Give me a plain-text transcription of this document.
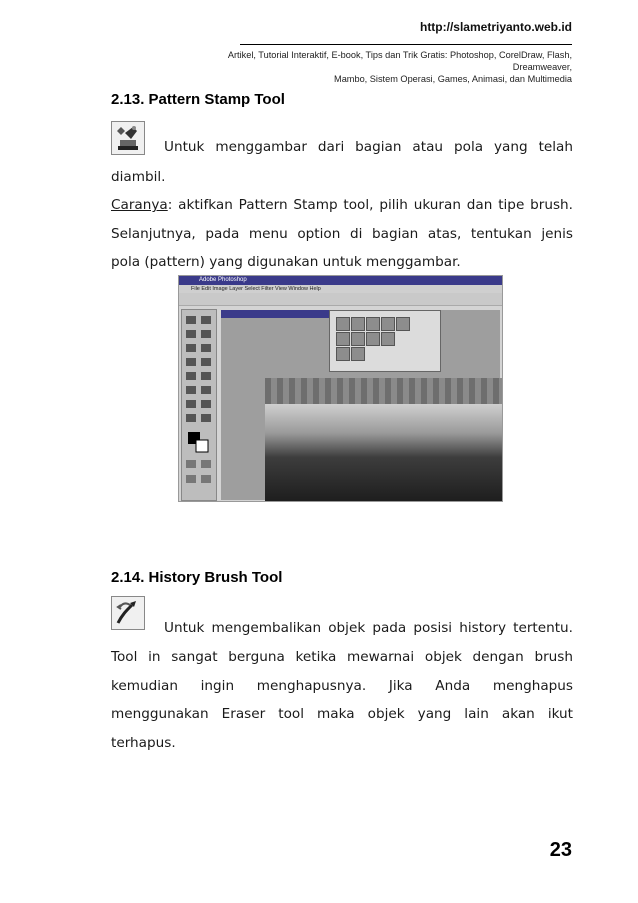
http://slametriyanto.web.id
Artikel, Tutorial Interaktif, E-book, Tips dan Trik Gratis: Photoshop, CorelDraw, Flash, Dreamweaver,
Mambo, Sistem Operasi, Games, Animasi, dan Multimedia
2.13. Pattern Stamp Tool
Untuk menggambar dari bagian atau pola yang telah
diambil.
Caranya: aktifkan Pattern Stamp tool, pilih ukuran dan tipe brush.
Selanjutnya, pada menu option di bagian atas, tentukan jenis
pola (pattern) yang digunakan untuk menggambar.
Adobe Photoshop
File Edit Image Layer Select Filter View Window Help
2.14. History Brush Tool
Untuk mengembalikan objek pada posisi history tertentu.
Tool in sangat berguna ketika mewarnai objek dengan brush
kemudian ingin menghapusnya. Jika Anda menghapus
menggunakan Eraser tool maka objek yang lain akan ikut
terhapus.
23
